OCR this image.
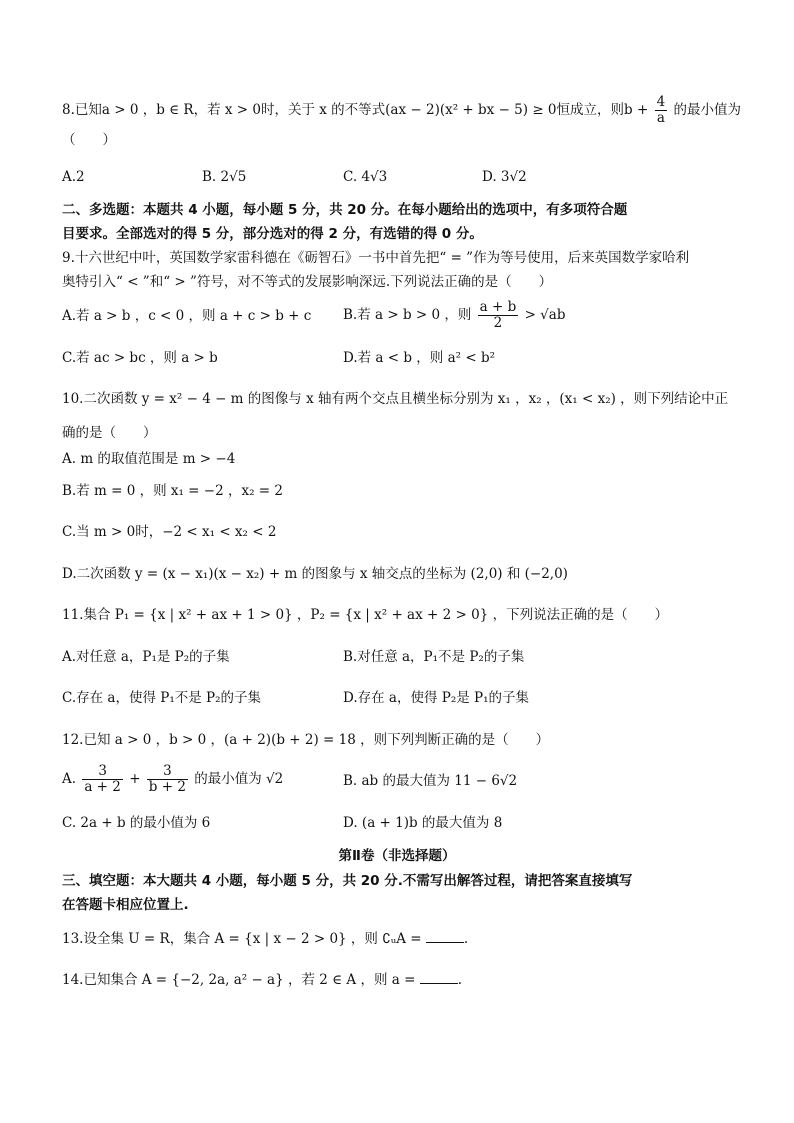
8.已知a > 0 ，b ∈ R，若 x > 0时，关于 x 的不等式(ax − 2)(x² + bx − 5) ≥ 0恒成立，则$b + \frac{4}{a}$ 的最小值为
（　　）
A.2	B. 2√5	C. 4√3	D. 3√2
二、多选题：本题共 4 小题，每小题 5 分，共 20 分。在每小题给出的选项中，有多项符合题
目要求。全部选对的得 5 分，部分选对的得 2 分，有选错的得 0 分。
9.十六世纪中叶，英国数学家雷科德在《砺智石》一书中首先把“ = ”作为等号使用，后来英国数学家哈利
奥特引入“ < ”和“ > ”符号，对不等式的发展影响深远.下列说法正确的是（　　）
A.若 a > b ，c < 0 ，则 a + c > b + c B.若 a > b > 0 ，则 $\frac{a + b}{2} > √ab$
C.若 ac > bc ，则 a > b	D.若 a < b ，则 a² < b²
10.二次函数 y = x² − 4 − m 的图像与 x 轴有两个交点且横坐标分别为 x₁ ，x₂ ，(x₁ < x₂) ，则下列结论中正
确的是（　　）
A. m 的取值范围是 m > −4
B.若 m = 0 ，则 x₁ = −2 ，x₂ = 2
C.当 m > 0时，−2 < x₁ < x₂ < 2
D.二次函数 y = (x − x₁)(x − x₂) + m 的图象与 x 轴交点的坐标为 (2,0) 和 (−2,0)
11.集合 P₁ = {x | x² + ax + 1 > 0} ，P₂ = {x | x² + ax + 2 > 0} ，下列说法正确的是（　　）
A.对任意 a，P₁是 P₂的子集	B.对任意 a，P₁不是 P₂的子集
C.存在 a，使得 P₁不是 P₂的子集	D.存在 a，使得 P₂是 P₁的子集
12.已知 a > 0 ，b > 0 ，(a + 2)(b + 2) = 18 ，则下列判断正确的是（　　）
A. $\frac{3}{a + 2} + \frac{3}{b + 2}$ 的最小值为 √2	B. ab 的最大值为 11 − 6√2
C. 2a + b 的最小值为 6	D. (a + 1)b 的最大值为 8
第Ⅱ卷（非选择题）
三、填空题：本大题共 4 小题，每小题 5 分，共 20 分.不需写出解答过程，请把答案直接填写
在答题卡相应位置上.
13.设全集 U = R，集合 A = {x | x − 2 > 0} ，则 ∁ᵤA =	.
14.已知集合 A = {−2, 2a, a² − a} ，若 2 ∈ A ，则 a =	.
